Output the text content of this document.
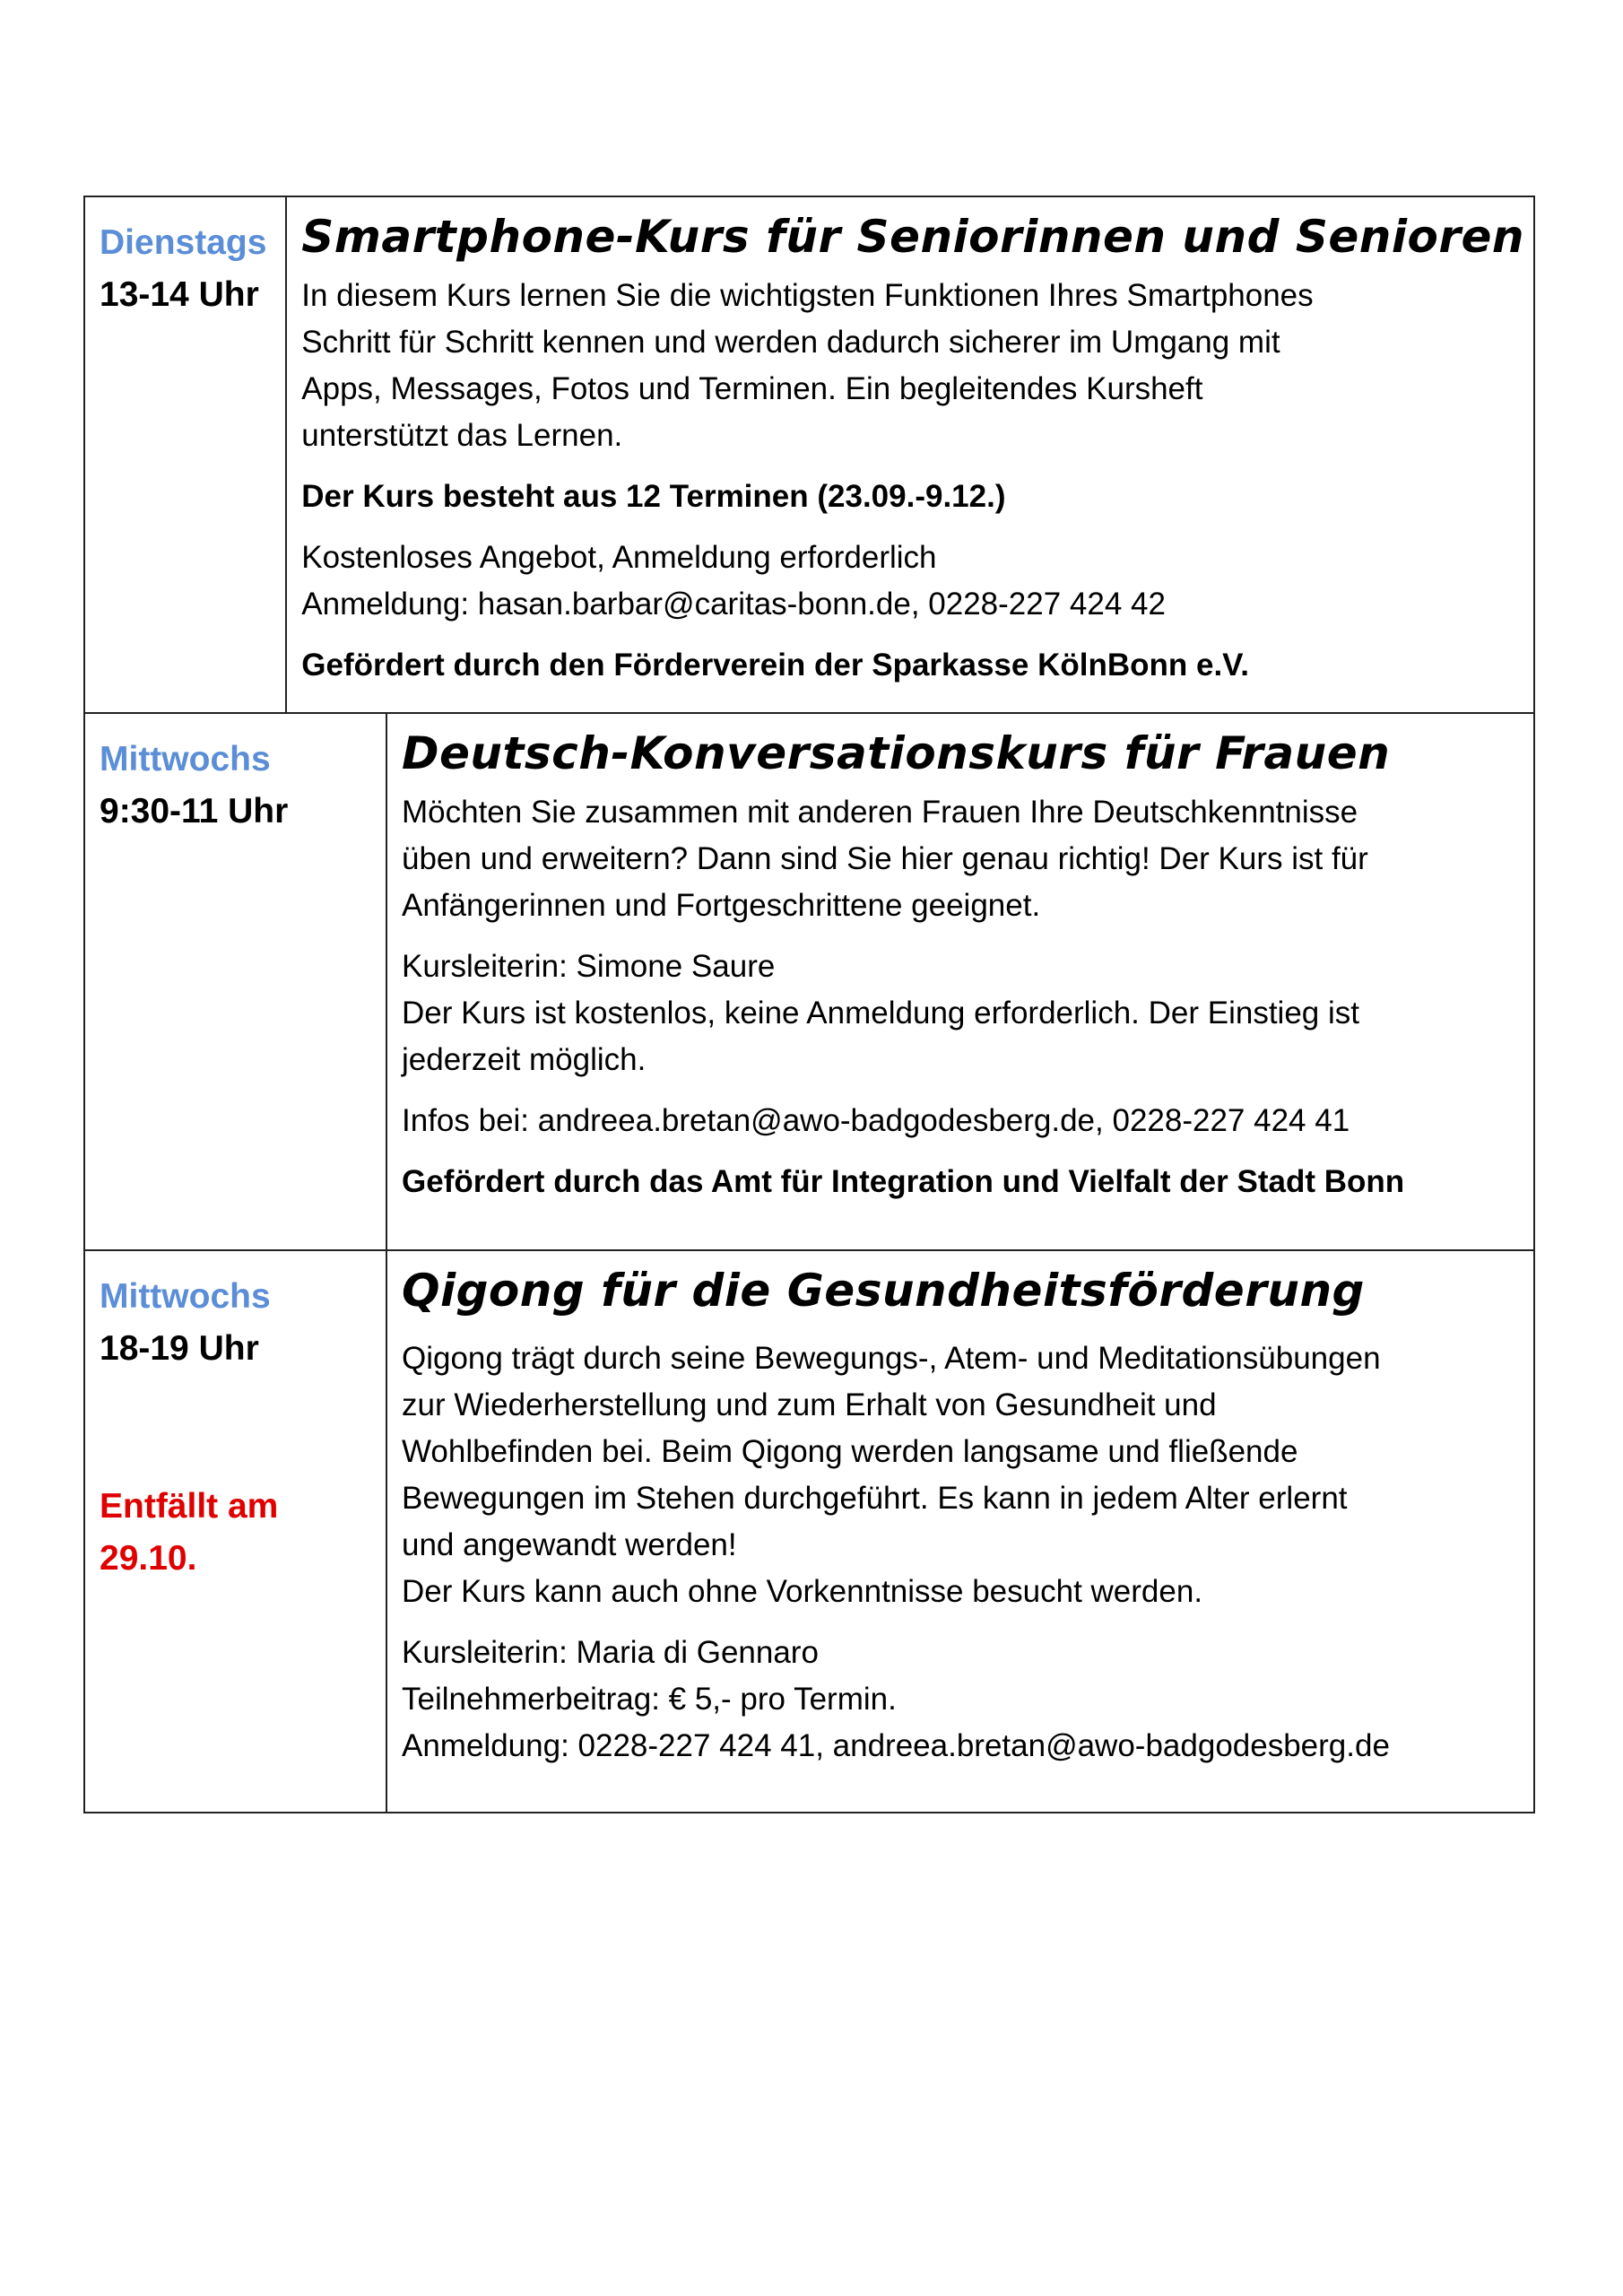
Dienstags
13-14 Uhr
Smartphone-Kurs für Seniorinnen und Senioren
In diesem Kurs lernen Sie die wichtigsten Funktionen Ihres Smartphones
Schritt für Schritt kennen und werden dadurch sicherer im Umgang mit
Apps, Messages, Fotos und Terminen. Ein begleitendes Kursheft
unterstützt das Lernen.
Der Kurs besteht aus 12 Terminen (23.09.-9.12.)
Kostenloses Angebot, Anmeldung erforderlich
Anmeldung: hasan.barbar@caritas-bonn.de, 0228-227 424 42
Gefördert durch den Förderverein der Sparkasse KölnBonn e.V.
Mittwochs
9:30-11 Uhr
Deutsch-Konversationskurs für Frauen
Möchten Sie zusammen mit anderen Frauen Ihre Deutschkenntnisse
üben und erweitern? Dann sind Sie hier genau richtig! Der Kurs ist für
Anfängerinnen und Fortgeschrittene geeignet.
Kursleiterin: Simone Saure
Der Kurs ist kostenlos, keine Anmeldung erforderlich. Der Einstieg ist
jederzeit möglich.
Infos bei: andreea.bretan@awo-badgodesberg.de, 0228-227 424 41
Gefördert durch das Amt für Integration und Vielfalt der Stadt Bonn
Mittwochs
18-19 Uhr
Entfällt am
29.10.
Qigong für die Gesundheitsförderung
Qigong trägt durch seine Bewegungs-, Atem- und Meditationsübungen
zur Wiederherstellung und zum Erhalt von Gesundheit und
Wohlbefinden bei. Beim Qigong werden langsame und fließende
Bewegungen im Stehen durchgeführt. Es kann in jedem Alter erlernt
und angewandt werden!
Der Kurs kann auch ohne Vorkenntnisse besucht werden.
Kursleiterin: Maria di Gennaro
Teilnehmerbeitrag: € 5,- pro Termin.
Anmeldung: 0228-227 424 41, andreea.bretan@awo-badgodesberg.de
